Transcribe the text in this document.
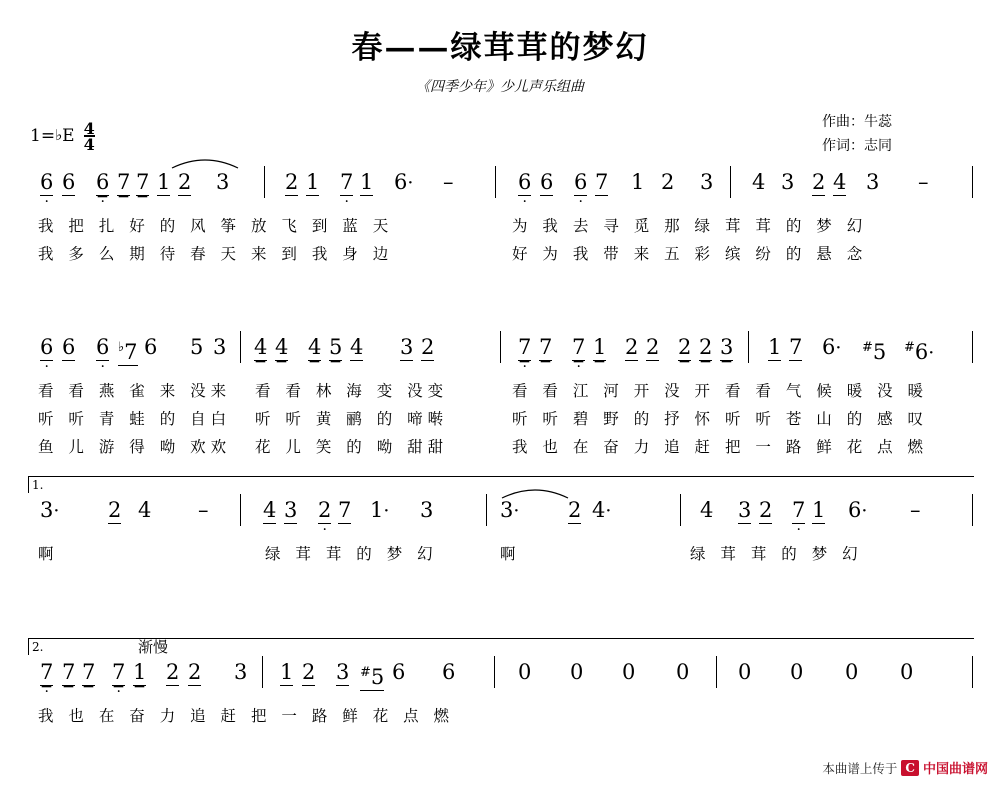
春——绿茸茸的梦幻
《四季少年》少儿声乐组曲
作曲：牛蕊
作词：志同
1= ♭ E $\frac{4}{4}$
6
·
6 6
·
7 7 1 2 3	2 1 7
·
1 6· –	6
·
6 6
·
7 1 2 3 4 3 2 4 3 –
我 把 扎 好 的 风 筝 放 飞 到 蓝 天
我 多 么 期 待 春 天 来 到 我 身 边
为 我 去 寻 觅 那 绿 茸 茸 的 梦 幻
好 为 我 带 来 五 彩 缤 纷 的 悬 念
6
·
6 6
·
♭7 6 5 3 4 4 4 5 4 3 2	7
·
7 7
·
1 2 2 2 2 3 1 7 6· #5 #6·
看 看 燕 雀 来 没来
听 听 青 蛙 的 自白
鱼 儿 游 得 呦 欢欢
看 看 林 海 变 没变
听 听 黄 鹂 的 啼啭
花 儿 笑 的 呦 甜甜
看 看 江 河 开 没 开 看 看 气 候 暖 没 暖
听 听 碧 野 的 抒 怀 听 听 苍 山 的 感 叹
我 也 在 奋 力 追 赶 把 一 路 鲜 花 点 燃
1.
3· 2 4 –	4 3 2
·
7 1· 3	3· 2 4·	4 3 2 7
·
1 6· –
啊	绿 茸 茸 的 梦 幻	啊	绿 茸 茸 的 梦 幻
2.	渐慢
7
·
7 7 7
·
1 2 2 3 1 2 3 #5 6 6	0 0 0 0 0 0 0 0
我 也 在 奋 力 追 赶 把 一 路 鲜 花 点 燃
本曲谱上传于 C 中国曲谱网
